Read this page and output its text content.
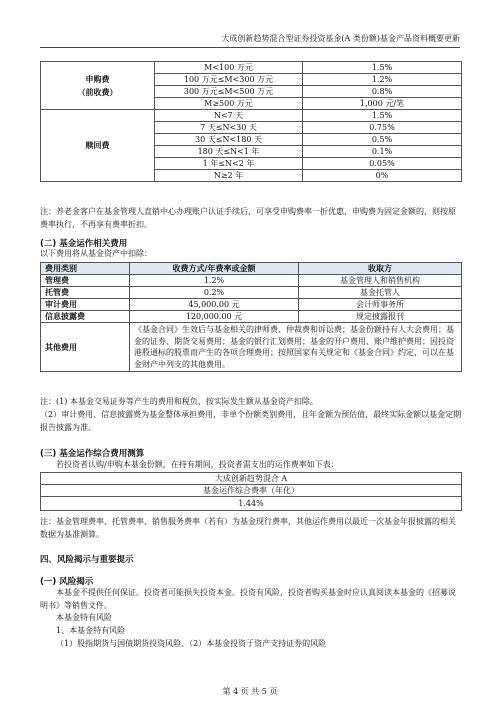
大成创新趋势混合型证券投资基金(A 类份额)基金产品资料概要更新
申购费
（前收费）	M<100 万元	1.5%
	100 万元≤M<300 万元	1.2%
	300 万元≤M<500 万元	0.8%
	M≥500 万元	1,000 元/笔
赎回费	N<7 天	1.5%
	7 天≤N<30 天	0.75%
	30 天≤N<180 天	0.5%
	180 天≤N<1 年	0.1%
	1 年≤N<2 年	0.05%
	N≥2 年	0%
注：养老金客户在基金管理人直销中心办理账户认证手续后，可享受申购费率一折优惠，申购费为固定金额的，则按原费率执行，不再享有费率折扣。
(二) 基金运作相关费用
以下费用将从基金资产中扣除：
费用类别	收费方式/年费率或金额	收取方
管理费	1.2%	基金管理人和销售机构
托管费	0.2%	基金托管人
审计费用	45,000.00 元	会计师事务所
信息披露费	120,000.00 元	规定披露报刊
其他费用	《基金合同》生效后与基金相关的律师费、仲裁费和诉讼费；基金份额持有人大会费用；基金的证券、期货交易费用；基金的银行汇划费用；基金的开户费用、账户维护费用；因投资港股通标的股票而产生的各项合理费用；按照国家有关规定和《基金合同》约定，可以在基金财产中列支的其他费用。	
注：(1) 本基金交易证券等产生的费用和税负，按实际发生额从基金资产扣除。
（2）审计费用、信息披露费为基金整体承担费用，非单个份额类别费用，且年金额为预估值，最终实际金额以基金定期报告披露为准。
(三) 基金运作综合费用测算
若投资者认购/申购本基金份额，在持有期间，投资者需支出的运作费率如下表：
大成创新趋势混合 A
基金运作综合费率（年化）
1.44%
注：基金管理费率、托管费率、销售服务费率（若有）为基金现行费率，其他运作费用以最近一次基金年报披露的相关数据为基准测算。
四、风险揭示与重要提示
(一) 风险揭示
本基金不提供任何保证。投资者可能损失投资本金。投资有风险，投资者购买基金时应认真阅读本基金的《招募说明书》等销售文件。
本基金特有风险
1、本基金特有风险
（1）股指期货与国债期货投资风险、（2）本基金投资于资产支持证券的风险
第 4 页 共 5 页
